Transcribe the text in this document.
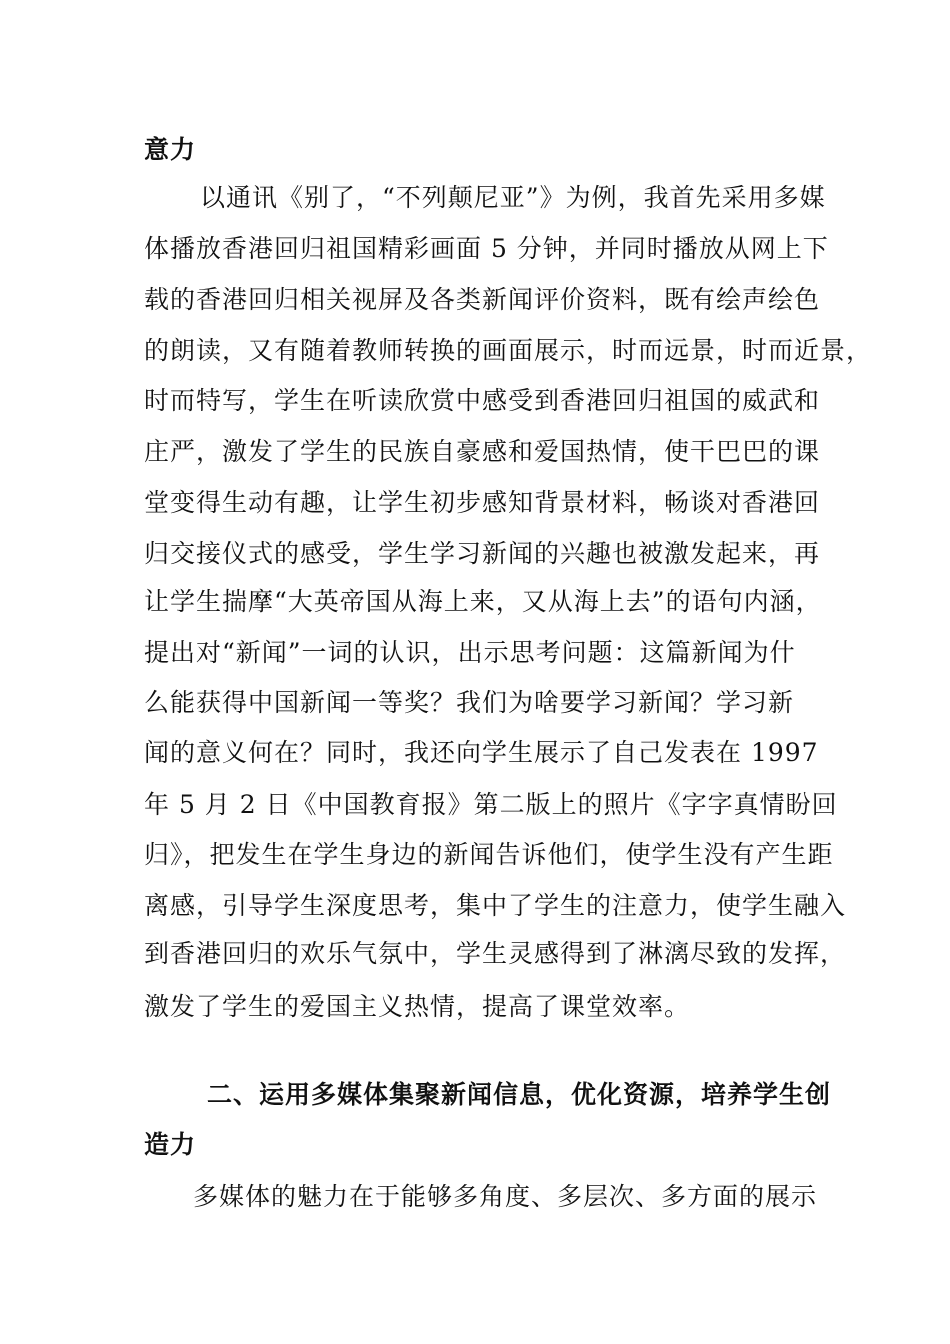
意力
以通讯《别了，“不列颠尼亚”》为例，我首先采用多媒
体播放香港回归祖国精彩画面 5 分钟，并同时播放从网上下
载的香港回归相关视屏及各类新闻评价资料，既有绘声绘色
的朗读，又有随着教师转换的画面展示，时而远景，时而近景，
时而特写，学生在听读欣赏中感受到香港回归祖国的威武和
庄严，激发了学生的民族自豪感和爱国热情，使干巴巴的课
堂变得生动有趣，让学生初步感知背景材料，畅谈对香港回
归交接仪式的感受，学生学习新闻的兴趣也被激发起来，再
让学生揣摩“大英帝国从海上来，又从海上去”的语句内涵，
提出对“新闻”一词的认识，出示思考问题：这篇新闻为什
么能获得中国新闻一等奖？我们为啥要学习新闻？学习新
闻的意义何在？同时，我还向学生展示了自己发表在 1997
年 5 月 2 日《中国教育报》第二版上的照片《字字真情盼回
归》，把发生在学生身边的新闻告诉他们，使学生没有产生距
离感，引导学生深度思考，集中了学生的注意力，使学生融入
到香港回归的欢乐气氛中，学生灵感得到了淋漓尽致的发挥，
激发了学生的爱国主义热情，提高了课堂效率。
二、运用多媒体集聚新闻信息，优化资源，培养学生创
造力
多媒体的魅力在于能够多角度、多层次、多方面的展示
